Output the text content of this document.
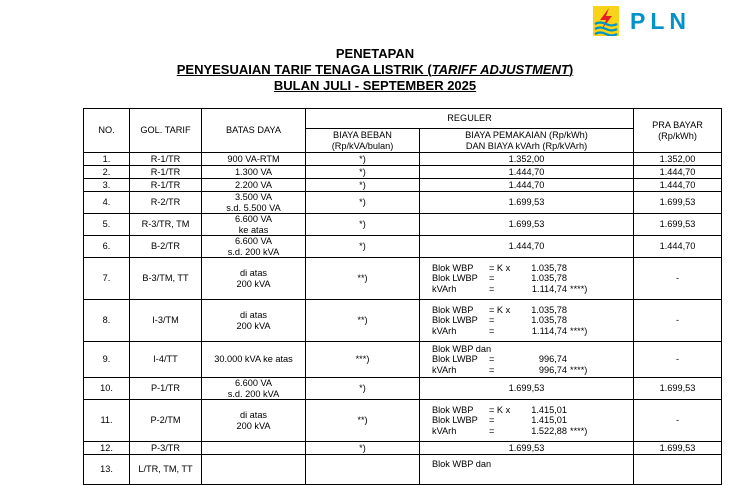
PLN
PENETAPAN
PENYESUAIAN TARIF TENAGA LISTRIK (TARIFF ADJUSTMENT)
BULAN JULI - SEPTEMBER 2025
NO.	GOL. TARIF	BATAS DAYA	REGULER		PRA BAYAR
(Rp/kWh)
			BIAYA BEBAN
(Rp/kVA/bulan)	BIAYA PEMAKAIAN (Rp/kWh)
DAN BIAYA kVArh (Rp/kVArh)	
1.	R-1/TR	900 VA-RTM	*)	1.352,00	1.352,00
2.	R-1/TR	1.300 VA	*)	1.444,70	1.444,70
3.	R-1/TR	2.200 VA	*)	1.444,70	1.444,70
4.	R-2/TR	3.500 VA
s.d. 5.500 VA	*)	1.699,53	1.699,53
5.	R-3/TR, TM	6.600 VA
ke atas	*)	1.699,53	1.699,53
6.	B-2/TR	6.600 VA
s.d. 200 kVA	*)	1.444,70	1.444,70
7.	B-3/TM, TT	di atas
200 kVA	**)	Blok WBP = K x 1.035,78
Blok LWBP = 1.035,78
kVArh = 1.114,74 ****)	-
8.	I-3/TM	di atas
200 kVA	**)	Blok WBP = K x 1.035,78
Blok LWBP = 1.035,78
kVArh = 1.114,74 ****)	-
9.	I-4/TT	30.000 kVA ke atas	***)	Blok WBP dan
Blok LWBP = 996,74
kVArh = 996,74 ****)	-
10.	P-1/TR	6.600 VA
s.d. 200 kVA	*)	1.699,53	1.699,53
11.	P-2/TM	di atas
200 kVA	**)	Blok WBP = K x 1.415,01
Blok LWBP = 1.415,01
kVArh = 1.522,88 ****)	-
12.	P-3/TR		*)	1.699,53	1.699,53
13.	L/TR, TM, TT			Blok WBP dan	
